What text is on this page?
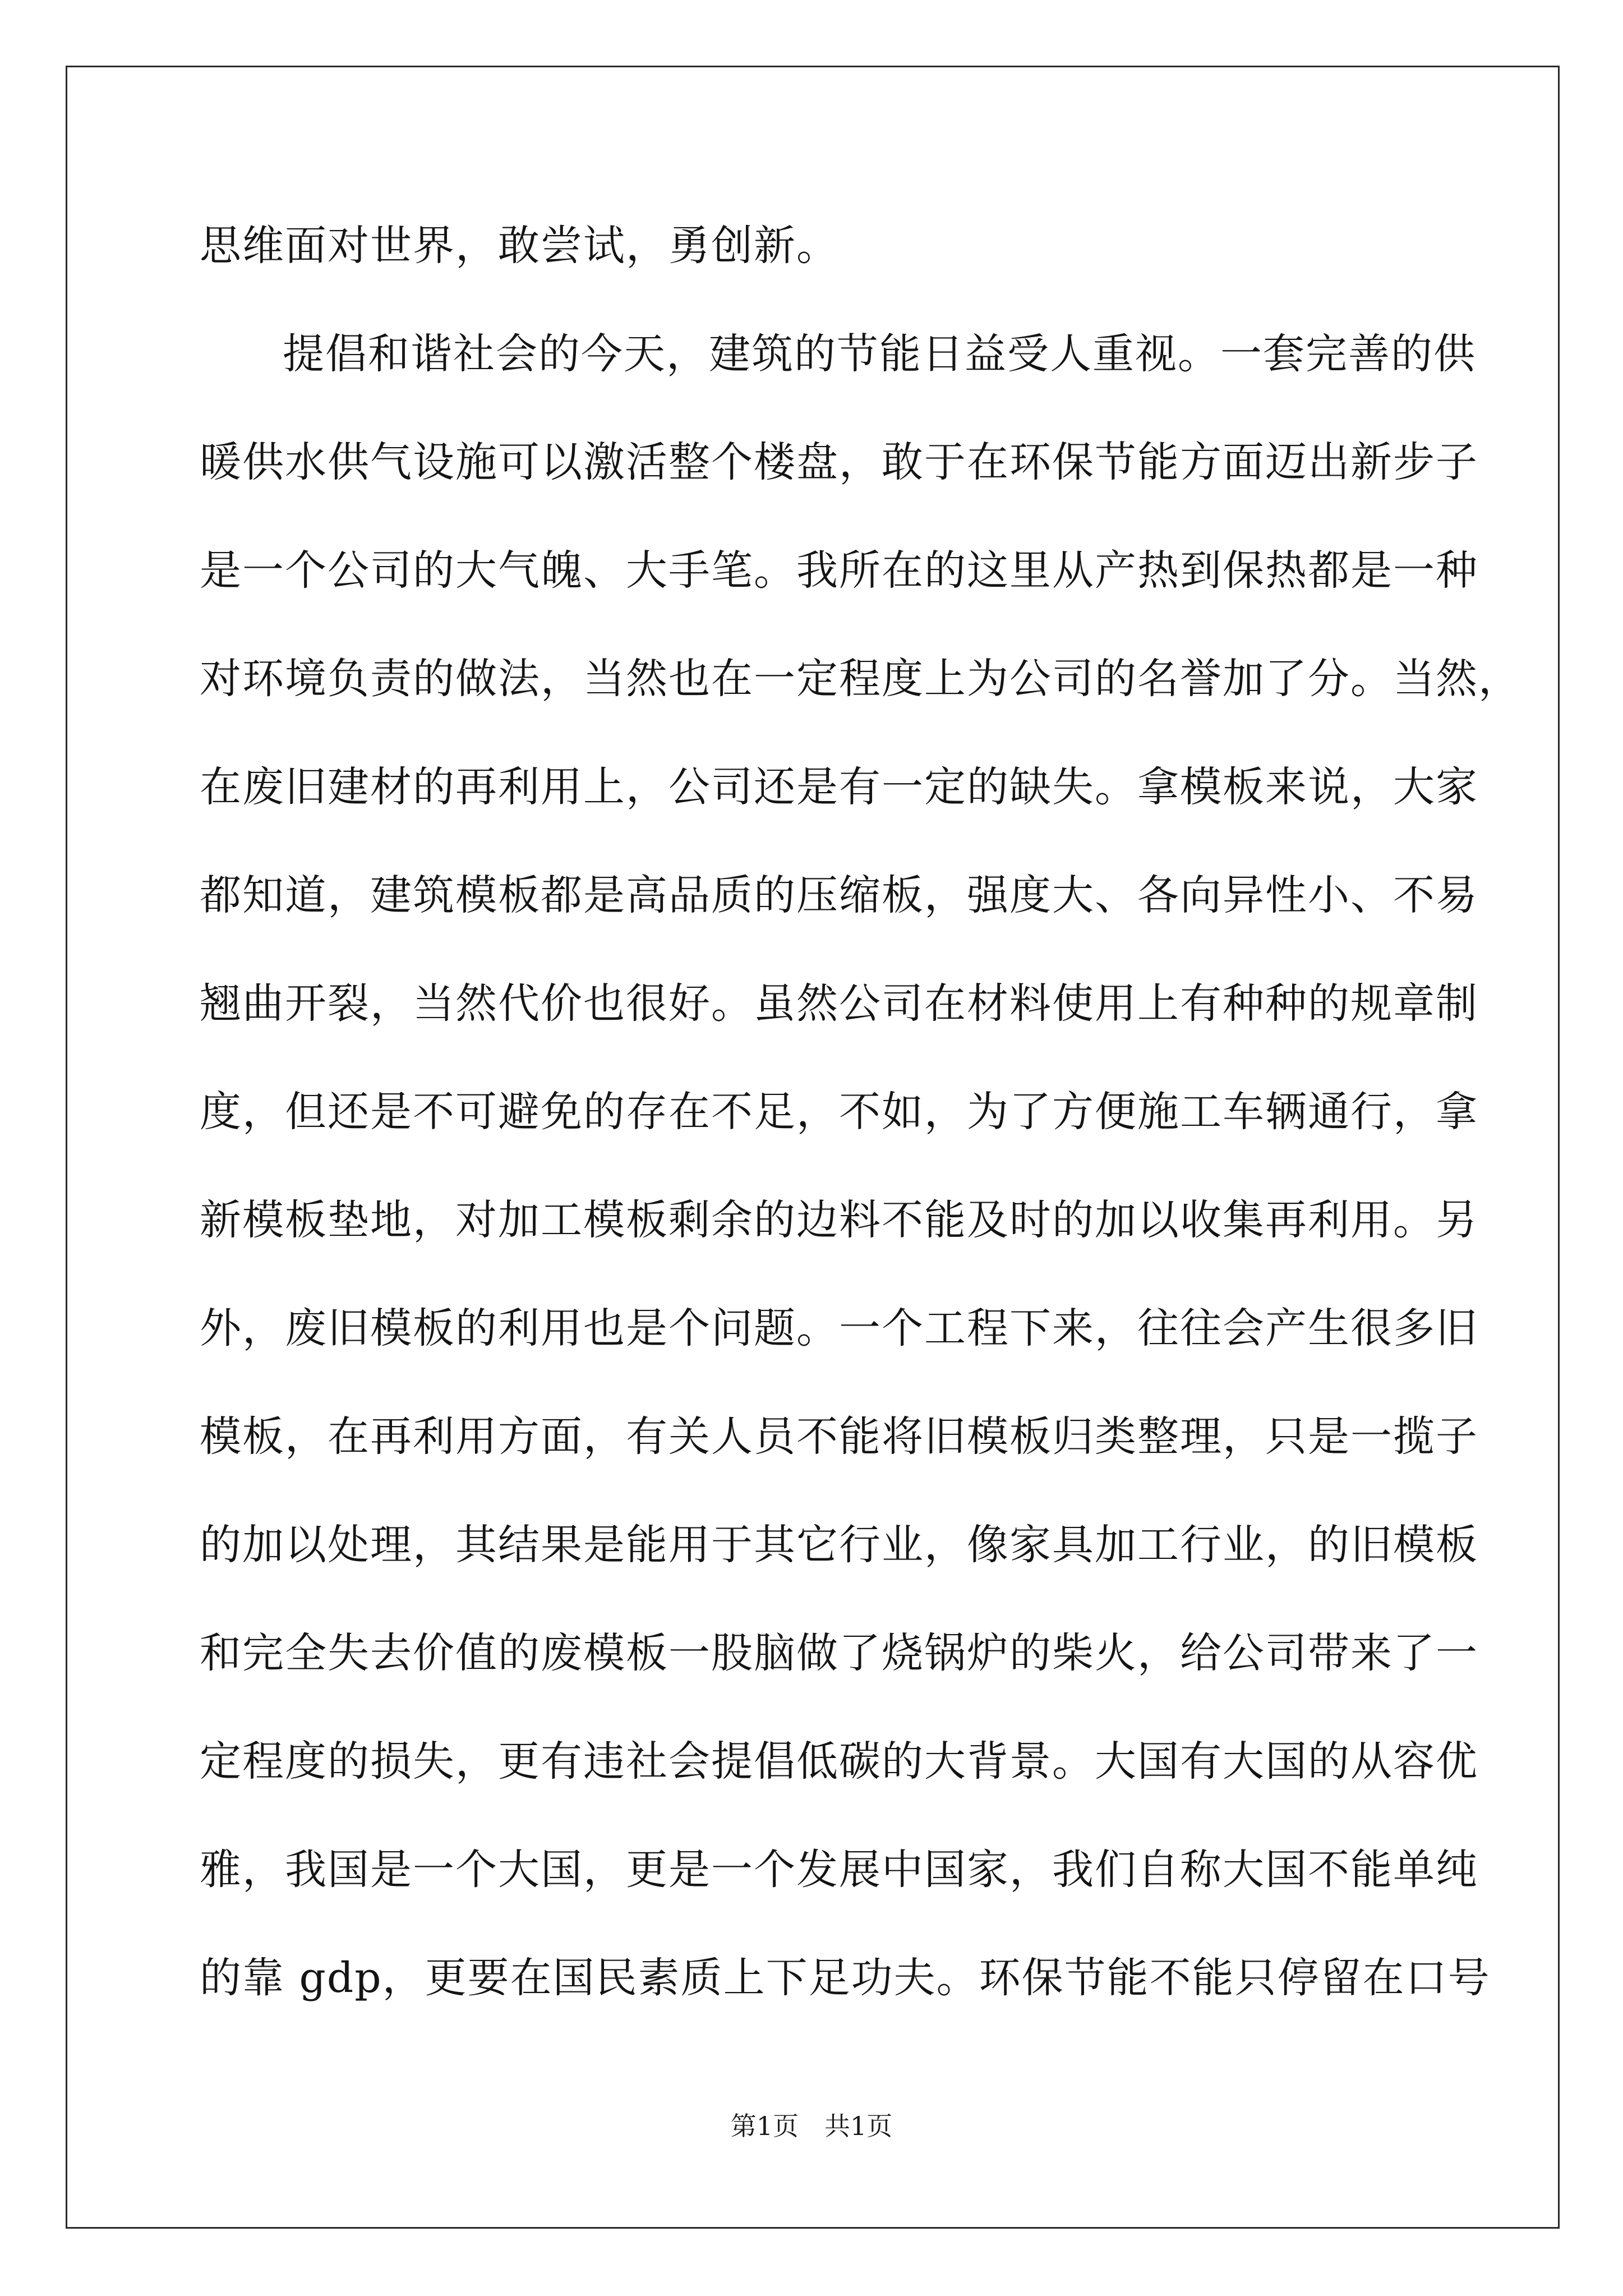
思维面对世界，敢尝试，勇创新。
提倡和谐社会的今天，建筑的节能日益受人重视。一套完善的供
暖供水供气设施可以激活整个楼盘，敢于在环保节能方面迈出新步子
是一个公司的大气魄、大手笔。我所在的这里从产热到保热都是一种
对环境负责的做法，当然也在一定程度上为公司的名誉加了分。当然，
在废旧建材的再利用上，公司还是有一定的缺失。拿模板来说，大家
都知道，建筑模板都是高品质的压缩板，强度大、各向异性小、不易
翘曲开裂，当然代价也很好。虽然公司在材料使用上有种种的规章制
度，但还是不可避免的存在不足，不如，为了方便施工车辆通行，拿
新模板垫地，对加工模板剩余的边料不能及时的加以收集再利用。另
外，废旧模板的利用也是个问题。一个工程下来，往往会产生很多旧
模板，在再利用方面，有关人员不能将旧模板归类整理，只是一揽子
的加以处理，其结果是能用于其它行业，像家具加工行业，的旧模板
和完全失去价值的废模板一股脑做了烧锅炉的柴火，给公司带来了一
定程度的损失，更有违社会提倡低碳的大背景。大国有大国的从容优
雅，我国是一个大国，更是一个发展中国家，我们自称大国不能单纯
的靠 gdp，更要在国民素质上下足功夫。环保节能不能只停留在口号
第1页　共1页
